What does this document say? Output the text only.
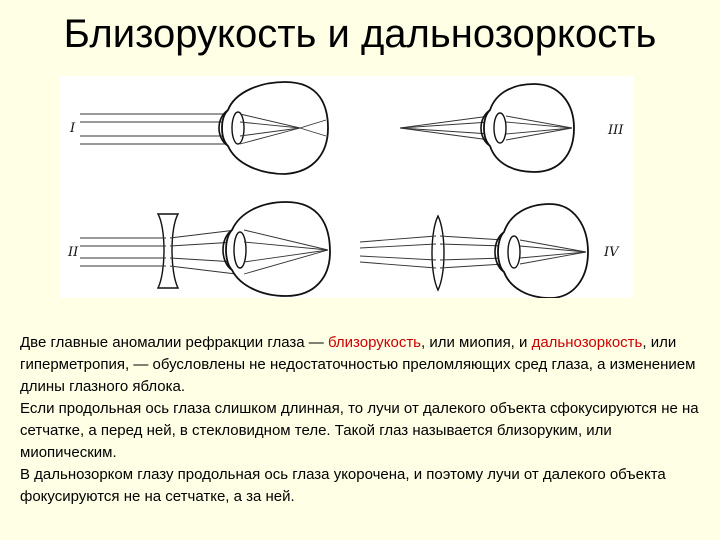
Близорукость и дальнозоркость
I	III
II	IV

Две главные аномалии рефракции глаза — близорукость, или миопия, и дальнозоркость, или гиперметропия, — обусловлены не недостаточностью преломляющих сред глаза, а изменением длины глазного яблока.

Если продольная ось глаза слишком длинная, то лучи от далекого объекта сфокусируются не на сетчатке, а перед ней, в стекловидном теле. Такой глаз называется близоруким, или миопическим.

В дальнозорком глазу продольная ось глаза укорочена, и поэтому лучи от далекого объекта фокусируются не на сетчатке, а за ней.
